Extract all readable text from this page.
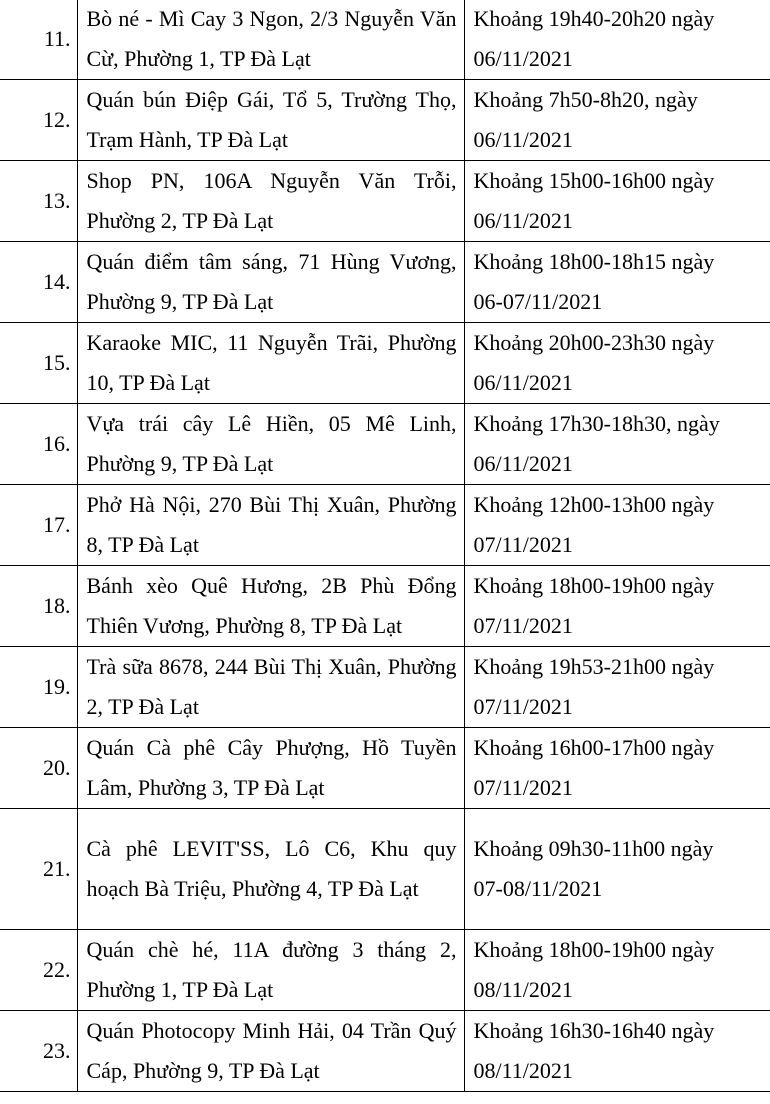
11.	Bò né - Mì Cay 3 Ngon, 2/3 Nguyễn Văn Cừ, Phường 1, TP Đà Lạt	Khoảng 19h40-20h20 ngày
06/11/2021

12.	Quán bún Điệp Gái, Tổ 5, Trường Thọ, Trạm Hành, TP Đà Lạt	Khoảng 7h50-8h20, ngày
06/11/2021

13.	Shop PN, 106A Nguyễn Văn Trỗi, Phường 2, TP Đà Lạt	Khoảng 15h00-16h00 ngày
06/11/2021

14.	Quán điểm tâm sáng, 71 Hùng Vương, Phường 9, TP Đà Lạt	Khoảng 18h00-18h15 ngày
06-07/11/2021

15.	Karaoke MIC, 11 Nguyễn Trãi, Phường 10, TP Đà Lạt	Khoảng 20h00-23h30 ngày
06/11/2021

16.	Vựa trái cây Lê Hiền, 05 Mê Linh, Phường 9, TP Đà Lạt	Khoảng 17h30-18h30, ngày
06/11/2021

17.	Phở Hà Nội, 270 Bùi Thị Xuân, Phường 8, TP Đà Lạt	Khoảng 12h00-13h00 ngày
07/11/2021

18.	Bánh xèo Quê Hương, 2B Phù Đổng Thiên Vương, Phường 8, TP Đà Lạt	Khoảng 18h00-19h00 ngày
07/11/2021

19.	Trà sữa 8678, 244 Bùi Thị Xuân, Phường 2, TP Đà Lạt	Khoảng 19h53-21h00 ngày
07/11/2021

20.	Quán Cà phê Cây Phượng, Hồ Tuyền Lâm, Phường 3, TP Đà Lạt	Khoảng 16h00-17h00 ngày
07/11/2021

21.	Cà phê LEVIT'SS, Lô C6, Khu quy hoạch Bà Triệu, Phường 4, TP Đà Lạt	Khoảng 09h30-11h00 ngày
07-08/11/2021

22.	Quán chè hé, 11A đường 3 tháng 2, Phường 1, TP Đà Lạt	Khoảng 18h00-19h00 ngày
08/11/2021

23.	Quán Photocopy Minh Hải, 04 Trần Quý Cáp, Phường 9, TP Đà Lạt	Khoảng 16h30-16h40 ngày
08/11/2021
